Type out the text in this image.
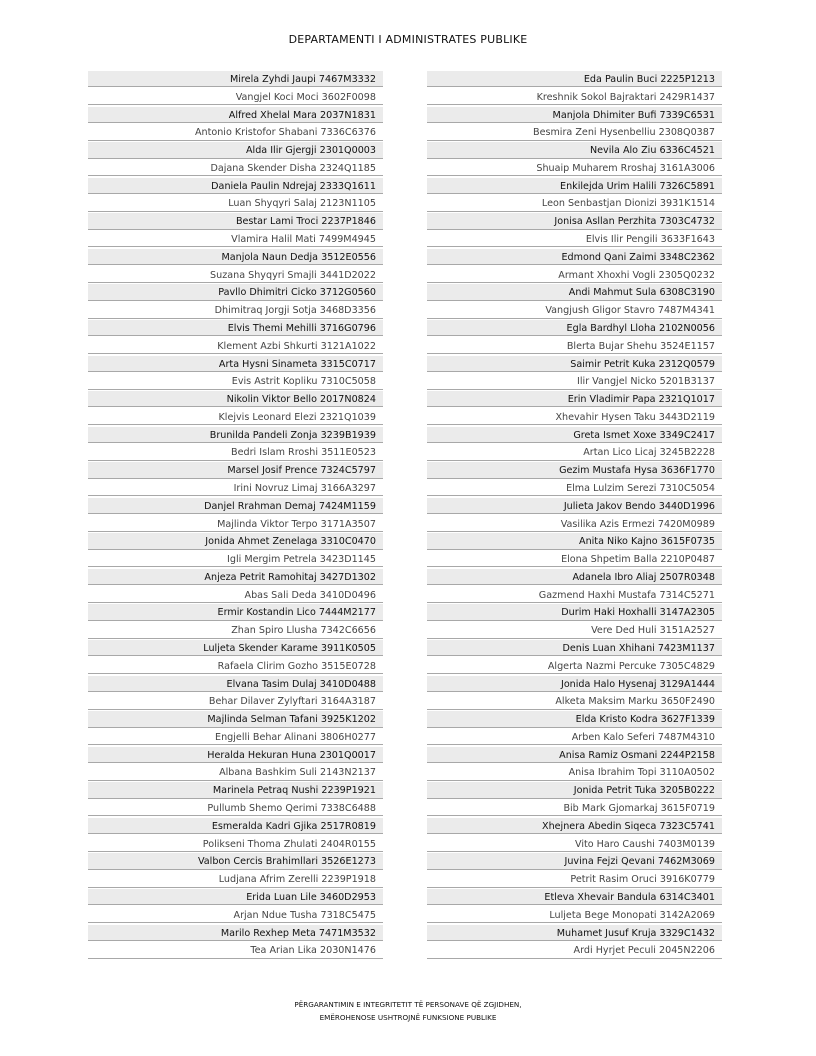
DEPARTAMENTI I ADMINISTRATES PUBLIKE
Mirela Zyhdi Jaupi 7467M3332
Vangjel Koci Moci 3602F0098
Alfred Xhelal Mara 2037N1831
Antonio Kristofor Shabani 7336C6376
Alda Ilir Gjergji 2301Q0003
Dajana Skender Disha 2324Q1185
Daniela Paulin Ndrejaj 2333Q1611
Luan Shyqyri Salaj 2123N1105
Bestar Lami Troci 2237P1846
Vlamira Halil Mati 7499M4945
Manjola Naun Dedja 3512E0556
Suzana Shyqyri Smajli 3441D2022
Pavllo Dhimitri Cicko 3712G0560
Dhimitraq Jorgji Sotja 3468D3356
Elvis Themi Mehilli 3716G0796
Klement Azbi Shkurti 3121A1022
Arta Hysni Sinameta 3315C0717
Evis Astrit Kopliku 7310C5058
Nikolin Viktor Bello 2017N0824
Klejvis Leonard Elezi 2321Q1039
Brunilda Pandeli Zonja 3239B1939
Bedri Islam Rroshi 3511E0523
Marsel Josif Prence 7324C5797
Irini Novruz Limaj 3166A3297
Danjel Rrahman Demaj 7424M1159
Majlinda Viktor Terpo 3171A3507
Jonida Ahmet Zenelaga 3310C0470
Igli Mergim Petrela 3423D1145
Anjeza Petrit Ramohitaj 3427D1302
Abas Sali Deda 3410D0496
Ermir Kostandin Lico 7444M2177
Zhan Spiro Llusha 7342C6656
Luljeta Skender Karame 3911K0505
Rafaela Clirim Gozho 3515E0728
Elvana Tasim Dulaj 3410D0488
Behar Dilaver Zylyftari 3164A3187
Majlinda Selman Tafani 3925K1202
Engjelli Behar Alinani 3806H0277
Heralda Hekuran Huna 2301Q0017
Albana Bashkim Suli 2143N2137
Marinela Petraq Nushi 2239P1921
Pullumb Shemo Qerimi 7338C6488
Esmeralda Kadri Gjika 2517R0819
Polikseni Thoma Zhulati 2404R0155
Valbon Cercis Brahimllari 3526E1273
Ludjana Afrim Zerelli 2239P1918
Erida Luan Lile 3460D2953
Arjan Ndue Tusha 7318C5475
Marilo Rexhep Meta 7471M3532
Tea Arian Lika 2030N1476
Eda Paulin Buci 2225P1213
Kreshnik Sokol Bajraktari 2429R1437
Manjola Dhimiter Bufi 7339C6531
Besmira Zeni Hysenbelliu 2308Q0387
Nevila Alo Ziu 6336C4521
Shuaip Muharem Rroshaj 3161A3006
Enkilejda Urim Halili 7326C5891
Leon Senbastjan Dionizi 3931K1514
Jonisa Asllan Perzhita 7303C4732
Elvis Ilir Pengili 3633F1643
Edmond Qani Zaimi 3348C2362
Armant Xhoxhi Vogli 2305Q0232
Andi Mahmut Sula 6308C3190
Vangjush Gligor Stavro 7487M4341
Egla Bardhyl Lloha 2102N0056
Blerta Bujar Shehu 3524E1157
Saimir Petrit Kuka 2312Q0579
Ilir Vangjel Nicko 5201B3137
Erin Vladimir Papa 2321Q1017
Xhevahir Hysen Taku 3443D2119
Greta Ismet Xoxe 3349C2417
Artan Lico Licaj 3245B2228
Gezim Mustafa Hysa 3636F1770
Elma Lulzim Serezi 7310C5054
Julieta Jakov Bendo 3440D1996
Vasilika Azis Ermezi 7420M0989
Anita Niko Kajno 3615F0735
Elona Shpetim Balla 2210P0487
Adanela Ibro Aliaj 2507R0348
Gazmend Haxhi Mustafa 7314C5271
Durim Haki Hoxhalli 3147A2305
Vere Ded Huli 3151A2527
Denis Luan Xhihani 7423M1137
Algerta Nazmi Percuke 7305C4829
Jonida Halo Hysenaj 3129A1444
Alketa Maksim Marku 3650F2490
Elda Kristo Kodra 3627F1339
Arben Kalo Seferi 7487M4310
Anisa Ramiz Osmani 2244P2158
Anisa Ibrahim Topi 3110A0502
Jonida Petrit Tuka 3205B0222
Bib Mark Gjomarkaj 3615F0719
Xhejnera Abedin Siqeca 7323C5741
Vito Haro Caushi 7403M0139
Juvina Fejzi Qevani 7462M3069
Petrit Rasim Oruci 3916K0779
Etleva Xhevair Bandula 6314C3401
Luljeta Bege Monopati 3142A2069
Muhamet Jusuf Kruja 3329C1432
Ardi Hyrjet Peculi 2045N2206
PËRGARANTIMIN E INTEGRITETIT TË PERSONAVE QË ZGJIDHEN,
EMËROHENOSE USHTROJNË FUNKSIONE PUBLIKE
